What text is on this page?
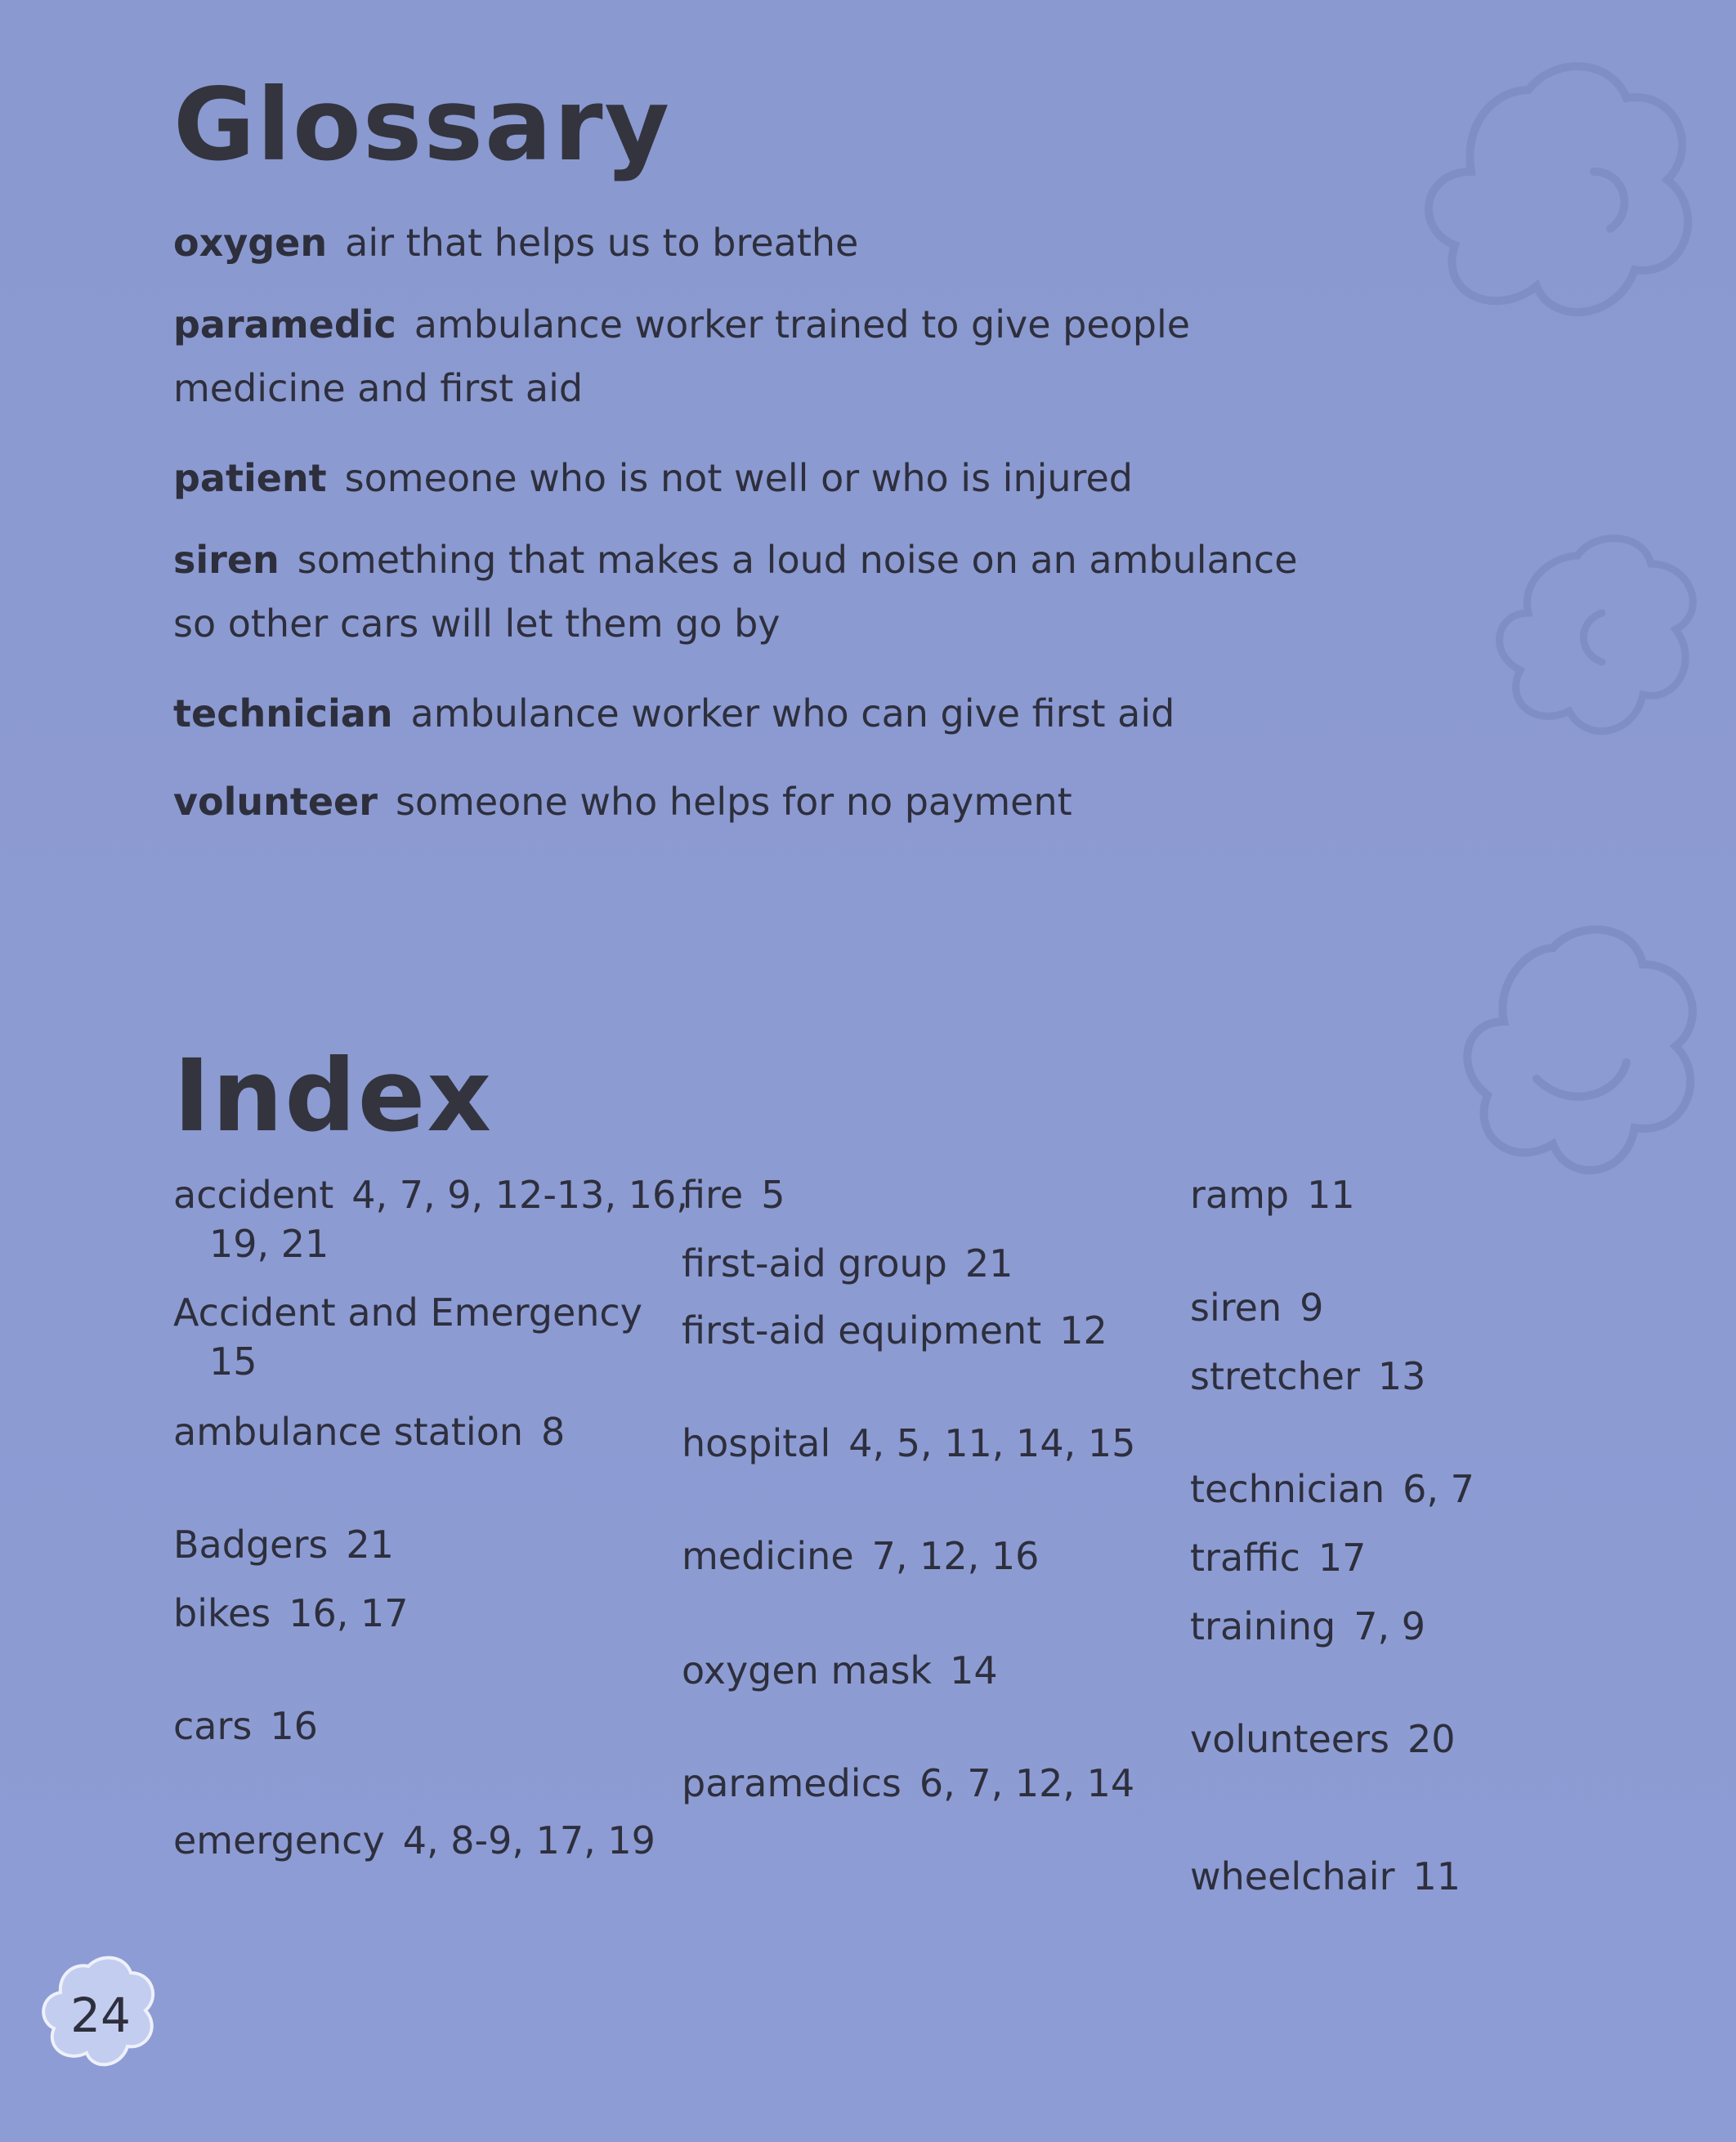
Glossary

oxygen air that helps us to breathe

paramedic ambulance worker trained to give people
medicine and first aid

patient someone who is not well or who is injured

siren something that makes a loud noise on an ambulance
so other cars will let them go by

technician ambulance worker who can give first aid

volunteer someone who helps for no payment

Index

accident 4, 7, 9, 12-13, 16,
19, 21

Accident and Emergency
15

ambulance station 8

Badgers 21

bikes 16, 17

cars 16

emergency 4, 8-9, 17, 19

fire 5

first-aid group 21

first-aid equipment 12

hospital 4, 5, 11, 14, 15

medicine 7, 12, 16

oxygen mask 14

paramedics 6, 7, 12, 14

ramp 11

siren 9

stretcher 13

technician 6, 7

traffic 17

training 7, 9

volunteers 20

wheelchair 11

24
